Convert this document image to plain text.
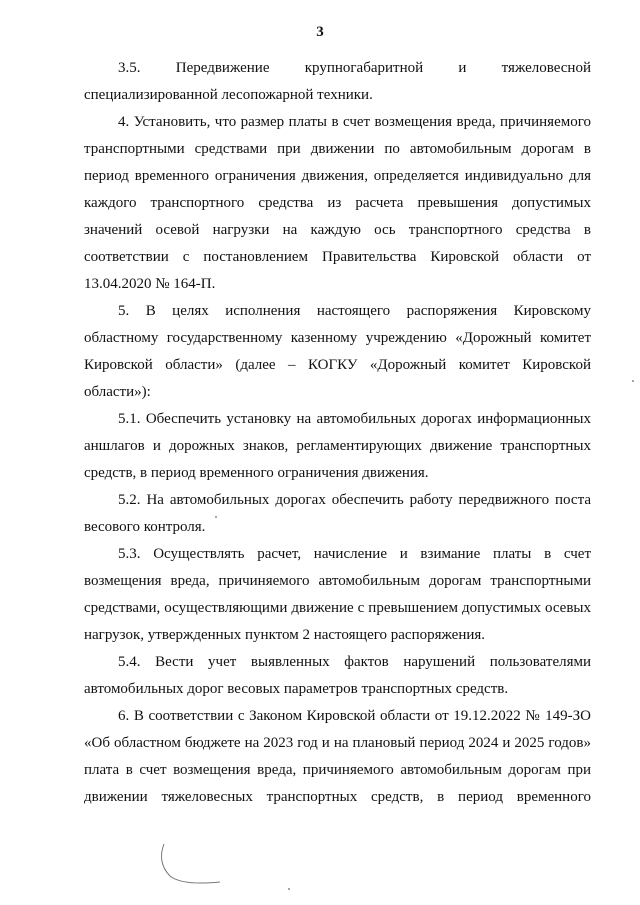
3
3.5. Передвижение крупногабаритной и тяжеловесной
специализированной лесопожарной техники.
4. Установить, что размер платы в счет возмещения вреда, причиняемого
транспортными средствами при движении по автомобильным дорогам в
период временного ограничения движения, определяется индивидуально для
каждого транспортного средства из расчета превышения допустимых
значений осевой нагрузки на каждую ось транспортного средства в
соответствии с постановлением Правительства Кировской области от
13.04.2020 № 164-П.
5. В целях исполнения настоящего распоряжения Кировскому
областному государственному казенному учреждению «Дорожный комитет
Кировской области» (далее – КОГКУ «Дорожный комитет Кировской
области»):
5.1. Обеспечить установку на автомобильных дорогах информационных
аншлагов и дорожных знаков, регламентирующих движение транспортных
средств, в период временного ограничения движения.
5.2. На автомобильных дорогах обеспечить работу передвижного поста
весового контроля.
5.3. Осуществлять расчет, начисление и взимание платы в счет
возмещения вреда, причиняемого автомобильным дорогам транспортными
средствами, осуществляющими движение с превышением допустимых осевых
нагрузок, утвержденных пунктом 2 настоящего распоряжения.
5.4. Вести учет выявленных фактов нарушений пользователями
автомобильных дорог весовых параметров транспортных средств.
6. В соответствии с Законом Кировской области от 19.12.2022 № 149-ЗО
«Об областном бюджете на 2023 год и на плановый период 2024 и 2025 годов»
плата в счет возмещения вреда, причиняемого автомобильным дорогам при
движении тяжеловесных транспортных средств, в период временного
